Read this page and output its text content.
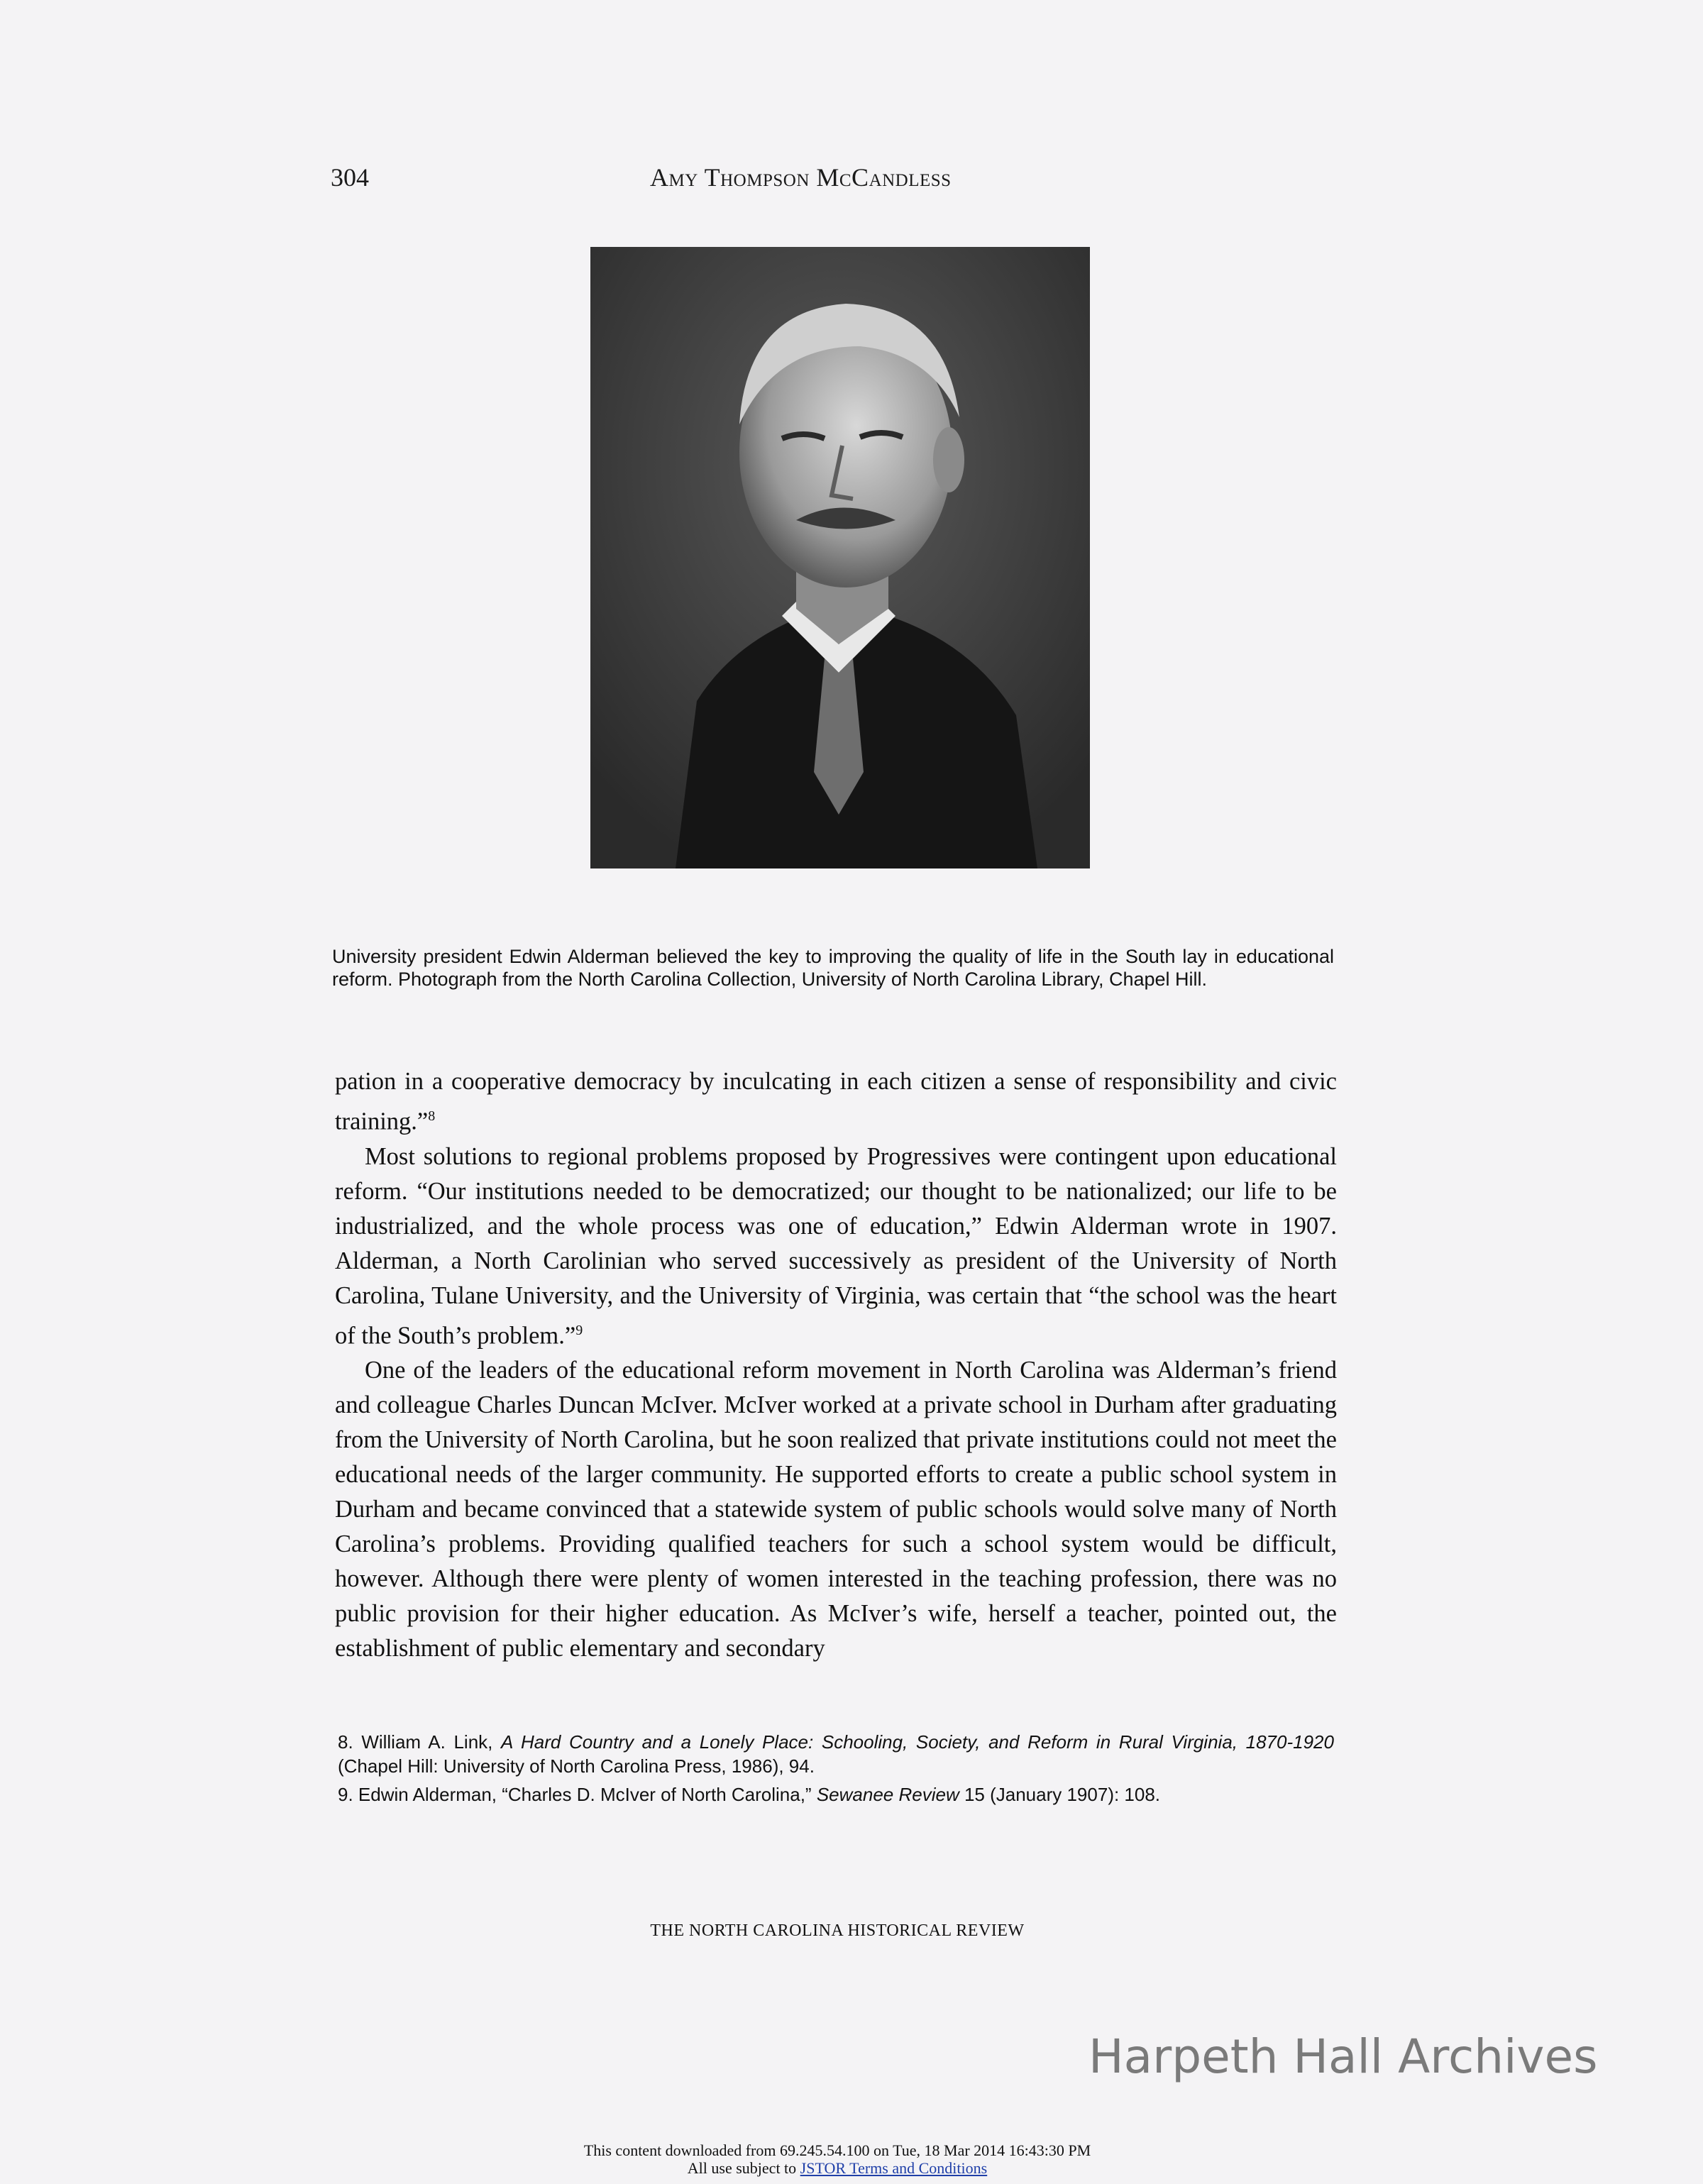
304	Amy Thompson McCandless
University president Edwin Alderman believed the key to improving the quality of life in the South lay in educational reform. Photograph from the North Carolina Collection, University of North Carolina Library, Chapel Hill.

pation in a cooperative democracy by inculcating in each citizen a sense of responsibility and civic training.”$^8$

Most solutions to regional problems proposed by Progressives were contingent upon educational reform. “Our institutions needed to be democratized; our thought to be nationalized; our life to be industrialized, and the whole process was one of education,” Edwin Alderman wrote in 1907. Alderman, a North Carolinian who served successively as president of the University of North Carolina, Tulane University, and the University of Virginia, was certain that “the school was the heart of the South’s problem.”$^9$

One of the leaders of the educational reform movement in North Carolina was Alderman’s friend and colleague Charles Duncan McIver. McIver worked at a private school in Durham after graduating from the University of North Carolina, but he soon realized that private institutions could not meet the educational needs of the larger community. He supported efforts to create a public school system in Durham and became convinced that a statewide system of public schools would solve many of North Carolina’s problems. Providing qualified teachers for such a school system would be difficult, however. Although there were plenty of women interested in the teaching profession, there was no public provision for their higher education. As McIver’s wife, herself a teacher, pointed out, the establishment of public elementary and secondary

8. William A. Link, A Hard Country and a Lonely Place: Schooling, Society, and Reform in Rural Virginia, 1870-1920 (Chapel Hill: University of North Carolina Press, 1986), 94.

9. Edwin Alderman, “Charles D. McIver of North Carolina,” Sewanee Review 15 (January 1907): 108.

THE NORTH CAROLINA HISTORICAL REVIEW
Harpeth Hall Archives
This content downloaded from 69.245.54.100 on Tue, 18 Mar 2014 16:43:30 PM
All use subject to JSTOR Terms and Conditions
